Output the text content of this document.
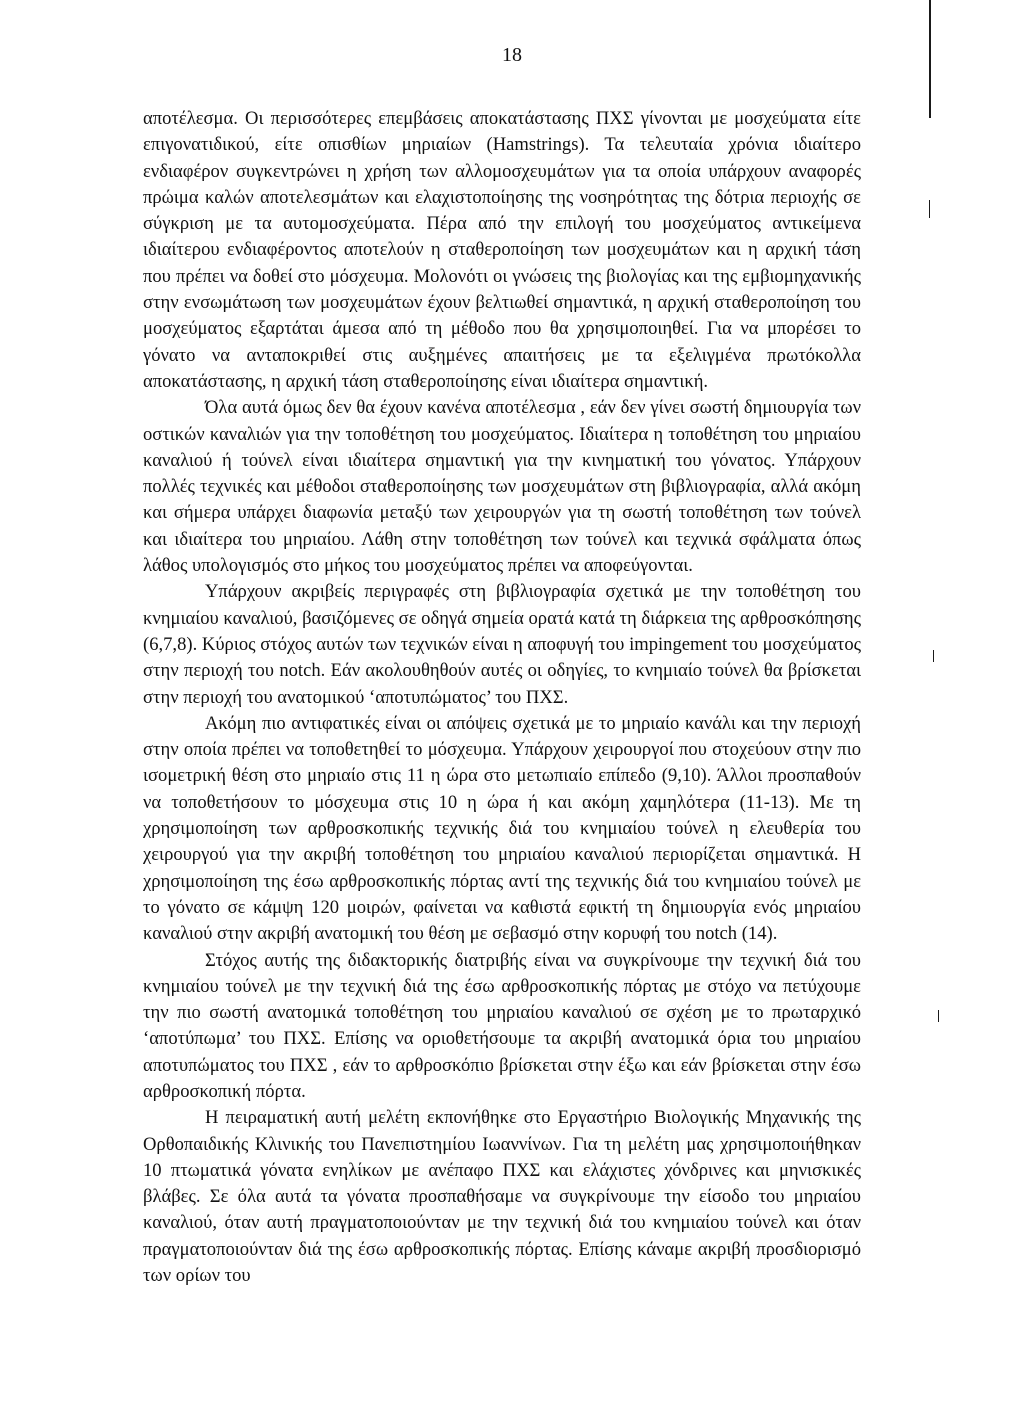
18

αποτέλεσμα. Οι περισσότερες επεμβάσεις αποκατάστασης ΠΧΣ γίνονται με μοσχεύματα είτε επιγονατιδικού, είτε οπισθίων μηριαίων (Hamstrings). Τα τελευταία χρόνια ιδιαίτερο ενδιαφέρον συγκεντρώνει η χρήση των αλλομοσχευμάτων για τα οποία υπάρχουν αναφορές πρώιμα καλών αποτελεσμάτων και ελαχιστοποίησης της νοσηρότητας της δότρια περιοχής σε σύγκριση με τα αυτομοσχεύματα. Πέρα από την επιλογή του μοσχεύματος αντικείμενα ιδιαίτερου ενδιαφέροντος αποτελούν η σταθεροποίηση των μοσχευμάτων και η αρχική τάση που πρέπει να δοθεί στο μόσχευμα. Μολονότι οι γνώσεις της βιολογίας και της εμβιομηχανικής στην ενσωμάτωση των μοσχευμάτων έχουν βελτιωθεί σημαντικά, η αρχική σταθεροποίηση του μοσχεύματος εξαρτάται άμεσα από τη μέθοδο που θα χρησιμοποιηθεί. Για να μπορέσει το γόνατο να ανταποκριθεί στις αυξημένες απαιτήσεις με τα εξελιγμένα πρωτόκολλα αποκατάστασης, η αρχική τάση σταθεροποίησης είναι ιδιαίτερα σημαντική.

Όλα αυτά όμως δεν θα έχουν κανένα αποτέλεσμα , εάν δεν γίνει σωστή δημιουργία των οστικών καναλιών για την τοποθέτηση του μοσχεύματος. Ιδιαίτερα η τοποθέτηση του μηριαίου καναλιού ή τούνελ είναι ιδιαίτερα σημαντική για την κινηματική του γόνατος. Υπάρχουν πολλές τεχνικές και μέθοδοι σταθεροποίησης των μοσχευμάτων στη βιβλιογραφία, αλλά ακόμη και σήμερα υπάρχει διαφωνία μεταξύ των χειρουργών για τη σωστή τοποθέτηση των τούνελ και ιδιαίτερα του μηριαίου. Λάθη στην τοποθέτηση των τούνελ και τεχνικά σφάλματα όπως λάθος υπολογισμός στο μήκος του μοσχεύματος πρέπει να αποφεύγονται.

Υπάρχουν ακριβείς περιγραφές στη βιβλιογραφία σχετικά με την τοποθέτηση του κνημιαίου καναλιού, βασιζόμενες σε οδηγά σημεία ορατά κατά τη διάρκεια της αρθροσκόπησης (6,7,8). Κύριος στόχος αυτών των τεχνικών είναι η αποφυγή του impingement του μοσχεύματος στην περιοχή του notch. Εάν ακολουθηθούν αυτές οι οδηγίες, το κνημιαίο τούνελ θα βρίσκεται στην περιοχή του ανατομικού ‘αποτυπώματος’ του ΠΧΣ.

Ακόμη πιο αντιφατικές είναι οι απόψεις σχετικά με το μηριαίο κανάλι και την περιοχή στην οποία πρέπει να τοποθετηθεί το μόσχευμα. Υπάρχουν χειρουργοί που στοχεύουν στην πιο ισομετρική θέση στο μηριαίο στις 11 η ώρα στο μετωπιαίο επίπεδο (9,10). Άλλοι προσπαθούν να τοποθετήσουν το μόσχευμα στις 10 η ώρα ή και ακόμη χαμηλότερα (11-13). Με τη χρησιμοποίηση των αρθροσκοπικής τεχνικής διά του κνημιαίου τούνελ η ελευθερία του χειρουργού για την ακριβή τοποθέτηση του μηριαίου καναλιού περιορίζεται σημαντικά. Η χρησιμοποίηση της έσω αρθροσκοπικής πόρτας αντί της τεχνικής διά του κνημιαίου τούνελ με το γόνατο σε κάμψη 120 μοιρών, φαίνεται να καθιστά εφικτή τη δημιουργία ενός μηριαίου καναλιού στην ακριβή ανατομική του θέση με σεβασμό στην κορυφή του notch (14).

Στόχος αυτής της διδακτορικής διατριβής είναι να συγκρίνουμε την τεχνική διά του κνημιαίου τούνελ με την τεχνική διά της έσω αρθροσκοπικής πόρτας με στόχο να πετύχουμε την πιο σωστή ανατομικά τοποθέτηση του μηριαίου καναλιού σε σχέση με το πρωταρχικό ‘αποτύπωμα’ του ΠΧΣ. Επίσης να οριοθετήσουμε τα ακριβή ανατομικά όρια του μηριαίου αποτυπώματος του ΠΧΣ , εάν το αρθροσκόπιο βρίσκεται στην έξω και εάν βρίσκεται στην έσω αρθροσκοπική πόρτα.

Η πειραματική αυτή μελέτη εκπονήθηκε στο Εργαστήριο Βιολογικής Μηχανικής της Ορθοπαιδικής Κλινικής του Πανεπιστημίου Ιωαννίνων. Για τη μελέτη μας χρησιμοποιήθηκαν 10 πτωματικά γόνατα ενηλίκων με ανέπαφο ΠΧΣ και ελάχιστες χόνδρινες και μηνισκικές βλάβες. Σε όλα αυτά τα γόνατα προσπαθήσαμε να συγκρίνουμε την είσοδο του μηριαίου καναλιού, όταν αυτή πραγματοποιούνταν με την τεχνική διά του κνημιαίου τούνελ και όταν πραγματοποιούνταν διά της έσω αρθροσκοπικής πόρτας. Επίσης κάναμε ακριβή προσδιορισμό των ορίων του
